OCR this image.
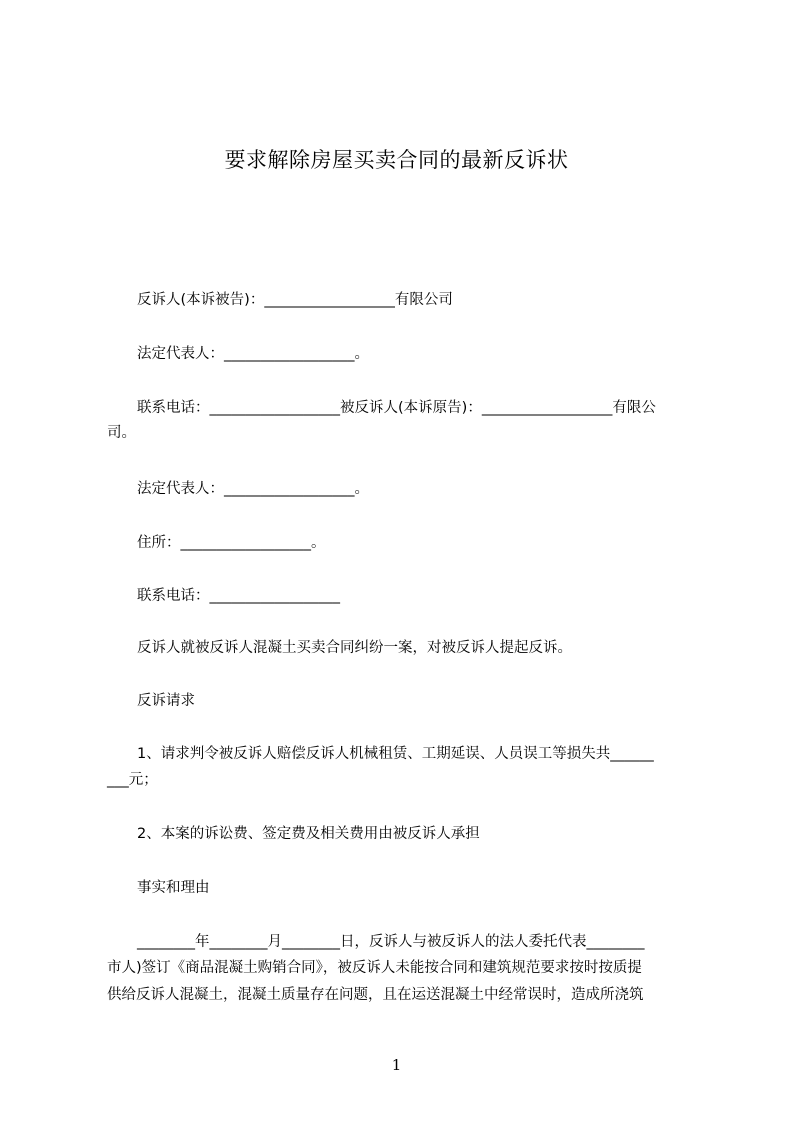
要求解除房屋买卖合同的最新反诉状

反诉人(本诉被告)：__________________有限公司

法定代表人：__________________。

联系电话：__________________被反诉人(本诉原告)：__________________有限公

司。

法定代表人：__________________。

住所：__________________。

联系电话：__________________

反诉人就被反诉人混凝土买卖合同纠纷一案，对被反诉人提起反诉。

反诉请求

1、请求判令被反诉人赔偿反诉人机械租赁、工期延误、人员误工等损失共______

___元；

2、本案的诉讼费、签定费及相关费用由被反诉人承担

事实和理由

________年________月________日，反诉人与被反诉人的法人委托代表________

市人)签订《商品混凝土购销合同》，被反诉人未能按合同和建筑规范要求按时按质提

供给反诉人混凝土，混凝土质量存在问题，且在运送混凝土中经常误时，造成所浇筑

1
